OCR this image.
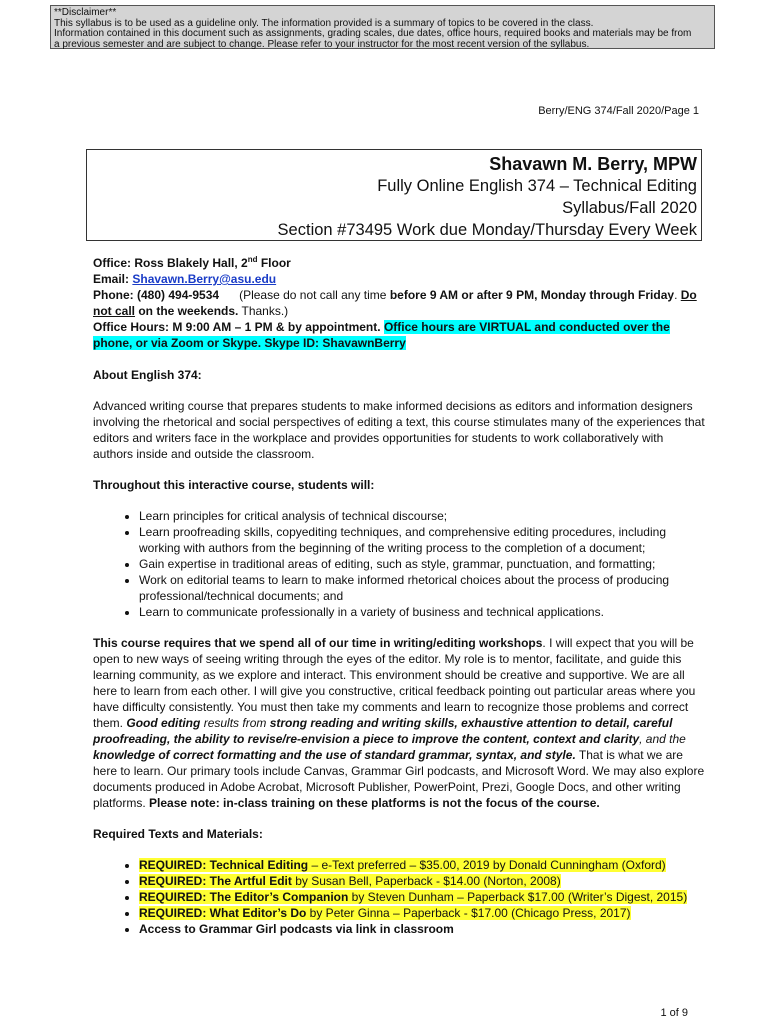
**Disclaimer**
This syllabus is to be used as a guideline only. The information provided is a summary of topics to be covered in the class.
Information contained in this document such as assignments, grading scales, due dates, office hours, required books and materials may be from
a previous semester and are subject to change. Please refer to your instructor for the most recent version of the syllabus.
Berry/ENG 374/Fall 2020/Page 1
Shavawn M. Berry, MPW
Fully Online English 374 – Technical Editing
Syllabus/Fall 2020
Section #73495 Work due Monday/Thursday Every Week

Office: Ross Blakely Hall, 2nd Floor

Email: Shavawn.Berry@asu.edu

Phone: (480) 494-9534      (Please do not call any time before 9 AM or after 9 PM, Monday through Friday. Do not call on the weekends. Thanks.)

Office Hours: M 9:00 AM – 1 PM & by appointment. Office hours are VIRTUAL and conducted over the phone, or via Zoom or Skype. Skype ID: ShavawnBerry

About English 374:

Advanced writing course that prepares students to make informed decisions as editors and information designers involving the rhetorical and social perspectives of editing a text, this course stimulates many of the experiences that editors and writers face in the workplace and provides opportunities for students to work collaboratively with authors inside and outside the classroom.

Throughout this interactive course, students will:

• Learn principles for critical analysis of technical discourse;
• Learn proofreading skills, copyediting techniques, and comprehensive editing procedures, including working with authors from the beginning of the writing process to the completion of a document;
• Gain expertise in traditional areas of editing, such as style, grammar, punctuation, and formatting;
• Work on editorial teams to learn to make informed rhetorical choices about the process of producing professional/technical documents; and
• Learn to communicate professionally in a variety of business and technical applications.

This course requires that we spend all of our time in writing/editing workshops. I will expect that you will be open to new ways of seeing writing through the eyes of the editor. My role is to mentor, facilitate, and guide this learning community, as we explore and interact. This environment should be creative and supportive. We are all here to learn from each other. I will give you constructive, critical feedback pointing out particular areas where you have difficulty consistently. You must then take my comments and learn to recognize those problems and correct them. Good editing results from strong reading and writing skills, exhaustive attention to detail, careful proofreading, the ability to revise/re-envision a piece to improve the content, context and clarity, and the knowledge of correct formatting and the use of standard grammar, syntax, and style. That is what we are here to learn. Our primary tools include Canvas, Grammar Girl podcasts, and Microsoft Word. We may also explore documents produced in Adobe Acrobat, Microsoft Publisher, PowerPoint, Prezi, Google Docs, and other writing platforms. Please note: in-class training on these platforms is not the focus of the course.

Required Texts and Materials:

• REQUIRED: Technical Editing – e-Text preferred – $35.00, 2019 by Donald Cunningham (Oxford)
• REQUIRED: The Artful Edit by Susan Bell, Paperback - $14.00 (Norton, 2008)
• REQUIRED: The Editor’s Companion by Steven Dunham – Paperback $17.00 (Writer’s Digest, 2015)
• REQUIRED: What Editor’s Do by Peter Ginna – Paperback - $17.00 (Chicago Press, 2017)
• Access to Grammar Girl podcasts via link in classroom
1 of 9
